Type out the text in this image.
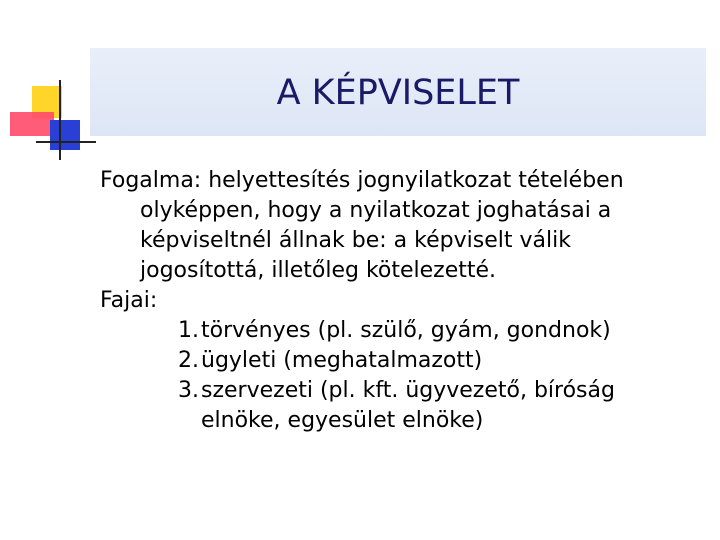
A KÉPVISELET

Fogalma: helyettesítés jognyilatkozat tételében olyképpen, hogy a nyilatkozat joghatásai a képviseltnél állnak be: a képviselt válik jogosítottá, illetőleg kötelezetté.

Fajai:

1. törvényes (pl. szülő, gyám, gondnok)
2. ügyleti (meghatalmazott)
3. szervezeti (pl. kft. ügyvezető, bíróság elnöke, egyesület elnöke)
